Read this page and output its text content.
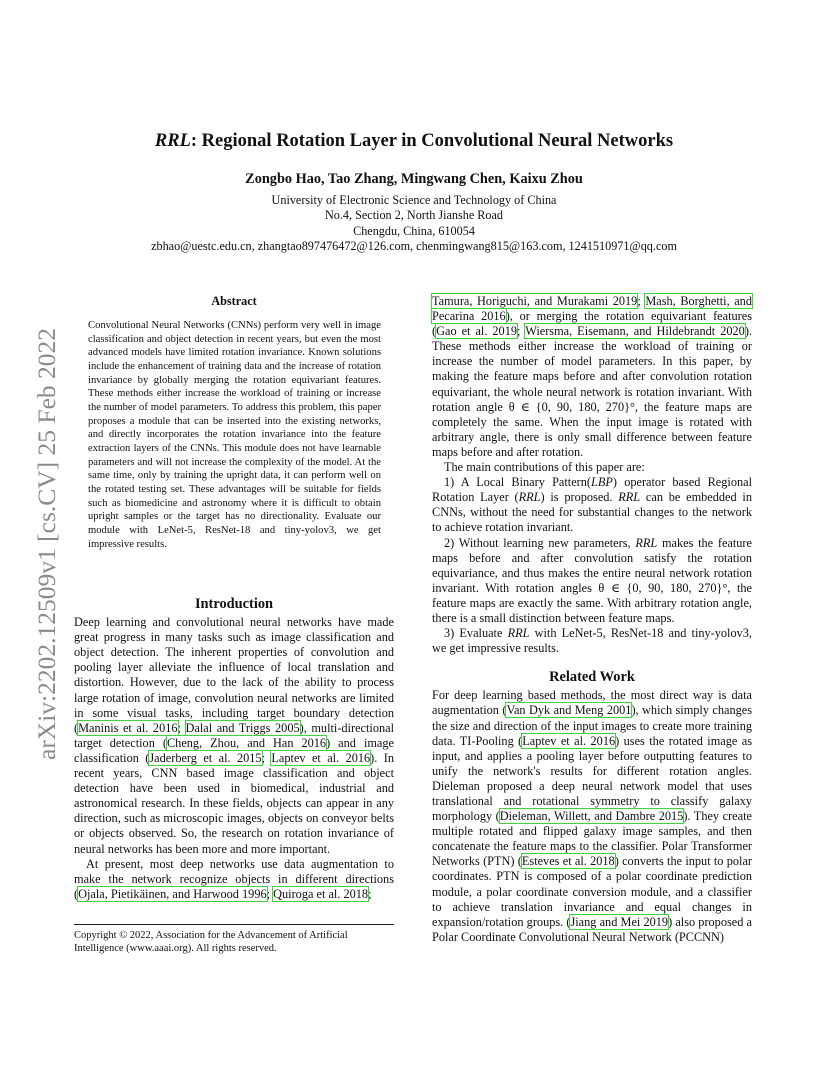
arXiv:2202.12509v1 [cs.CV] 25 Feb 2022
RRL: Regional Rotation Layer in Convolutional Neural Networks
Zongbo Hao, Tao Zhang, Mingwang Chen, Kaixu Zhou
University of Electronic Science and Technology of China
No.4, Section 2, North Jianshe Road
Chengdu, China, 610054
zbhao@uestc.edu.cn, zhangtao897476472@126.com, chenmingwang815@163.com, 1241510971@qq.com
Abstract
Convolutional Neural Networks (CNNs) perform very well in image classification and object detection in recent years, but even the most advanced models have limited rotation invariance. Known solutions include the enhancement of training data and the increase of rotation invariance by globally merging the rotation equivariant features. These methods either increase the workload of training or increase the number of model parameters. To address this problem, this paper proposes a module that can be inserted into the existing networks, and directly incorporates the rotation invariance into the feature extraction layers of the CNNs. This module does not have learnable parameters and will not increase the complexity of the model. At the same time, only by training the upright data, it can perform well on the rotated testing set. These advantages will be suitable for fields such as biomedicine and astronomy where it is difficult to obtain upright samples or the target has no directionality. Evaluate our module with LeNet-5, ResNet-18 and tiny-yolov3, we get impressive results.
Introduction

Deep learning and convolutional neural networks have made great progress in many tasks such as image classification and object detection. The inherent properties of convolution and pooling layer alleviate the influence of local translation and distortion. However, due to the lack of the ability to process large rotation of image, convolution neural networks are limited in some visual tasks, including target boundary detection (Maninis et al. 2016; Dalal and Triggs 2005), multi-directional target detection (Cheng, Zhou, and Han 2016) and image classification (Jaderberg et al. 2015; Laptev et al. 2016). In recent years, CNN based image classification and object detection have been used in biomedical, industrial and astronomical research. In these fields, objects can appear in any direction, such as microscopic images, objects on conveyor belts or objects observed. So, the research on rotation invariance of neural networks has been more and more important.

At present, most deep networks use data augmentation to make the network recognize objects in different directions (Ojala, Pietikäinen, and Harwood 1996; Quiroga et al. 2018;

Copyright © 2022, Association for the Advancement of Artificial Intelligence (www.aaai.org). All rights reserved.

Tamura, Horiguchi, and Murakami 2019; Mash, Borghetti, and Pecarina 2016), or merging the rotation equivariant features (Gao et al. 2019; Wiersma, Eisemann, and Hildebrandt 2020). These methods either increase the workload of training or increase the number of model parameters. In this paper, by making the feature maps before and after convolution rotation equivariant, the whole neural network is rotation invariant. With rotation angle θ ∈ {0, 90, 180, 270}°, the feature maps are completely the same. When the input image is rotated with arbitrary angle, there is only small difference between feature maps before and after rotation.

The main contributions of this paper are:

1) A Local Binary Pattern(LBP) operator based Regional Rotation Layer (RRL) is proposed. RRL can be embedded in CNNs, without the need for substantial changes to the network to achieve rotation invariant.

2) Without learning new parameters, RRL makes the feature maps before and after convolution satisfy the rotation equivariance, and thus makes the entire neural network rotation invariant. With rotation angles θ ∈ {0, 90, 180, 270}°, the feature maps are exactly the same. With arbitrary rotation angle, there is a small distinction between feature maps.

3) Evaluate RRL with LeNet-5, ResNet-18 and tiny-yolov3, we get impressive results.

Related Work

For deep learning based methods, the most direct way is data augmentation (Van Dyk and Meng 2001), which simply changes the size and direction of the input images to create more training data. TI-Pooling (Laptev et al. 2016) uses the rotated image as input, and applies a pooling layer before outputting features to unify the network's results for different rotation angles. Dieleman proposed a deep neural network model that uses translational and rotational symmetry to classify galaxy morphology (Dieleman, Willett, and Dambre 2015). They create multiple rotated and flipped galaxy image samples, and then concatenate the feature maps to the classifier. Polar Transformer Networks (PTN) (Esteves et al. 2018) converts the input to polar coordinates. PTN is composed of a polar coordinate prediction module, a polar coordinate conversion module, and a classifier to achieve translation invariance and equal changes in expansion/rotation groups. (Jiang and Mei 2019) also proposed a Polar Coordinate Convolutional Neural Network (PCCNN)
